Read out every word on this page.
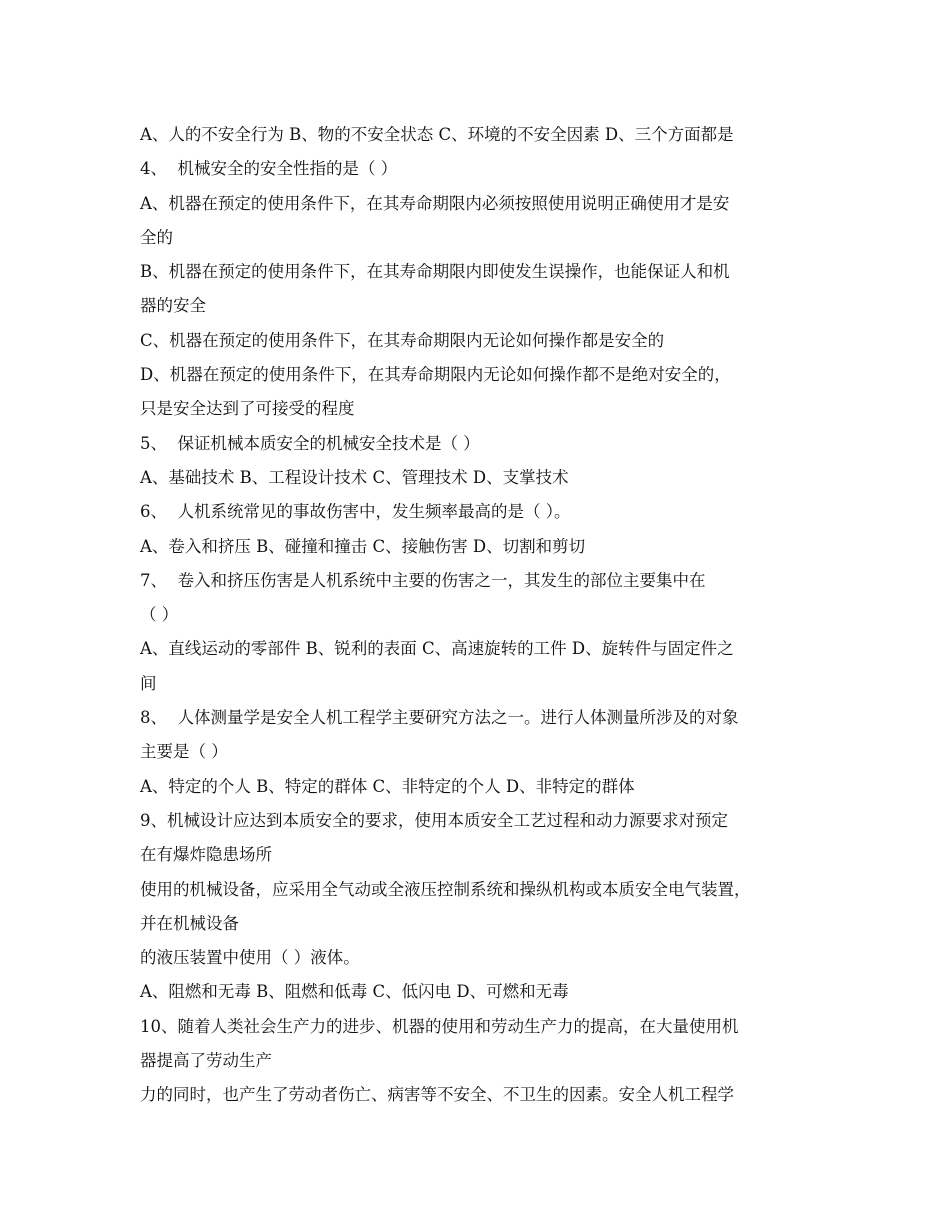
A、人的不安全行为 B、物的不安全状态 C、环境的不安全因素 D、三个方面都是
4、  机械安全的安全性指的是（ ）
A、机器在预定的使用条件下，在其寿命期限内必须按照使用说明正确使用才是安
全的
B、机器在预定的使用条件下，在其寿命期限内即使发生误操作，也能保证人和机
器的安全
C、机器在预定的使用条件下，在其寿命期限内无论如何操作都是安全的
D、机器在预定的使用条件下，在其寿命期限内无论如何操作都不是绝对安全的，
只是安全达到了可接受的程度
5、  保证机械本质安全的机械安全技术是（ ）
A、基础技术 B、工程设计技术 C、管理技术 D、支掌技术
6、  人机系统常见的事故伤害中，发生频率最高的是（ ）。
A、卷入和挤压 B、碰撞和撞击 C、接触伤害 D、切割和剪切
7、  卷入和挤压伤害是人机系统中主要的伤害之一，其发生的部位主要集中在
（ ）
A、直线运动的零部件 B、锐利的表面 C、高速旋转的工件 D、旋转件与固定件之
间
8、  人体测量学是安全人机工程学主要研究方法之一。进行人体测量所涉及的对象
主要是（ ）
A、特定的个人 B、特定的群体 C、非特定的个人 D、非特定的群体
9、机械设计应达到本质安全的要求，使用本质安全工艺过程和动力源要求对预定
在有爆炸隐患场所
使用的机械设备，应采用全气动或全液压控制系统和操纵机构或本质安全电气装置，
并在机械设备
的液压装置中使用（ ）液体。
A、阻燃和无毒 B、阻燃和低毒 C、低闪电 D、可燃和无毒
10、随着人类社会生产力的进步、机器的使用和劳动生产力的提高，在大量使用机
器提高了劳动生产
力的同时，也产生了劳动者伤亡、病害等不安全、不卫生的因素。安全人机工程学
